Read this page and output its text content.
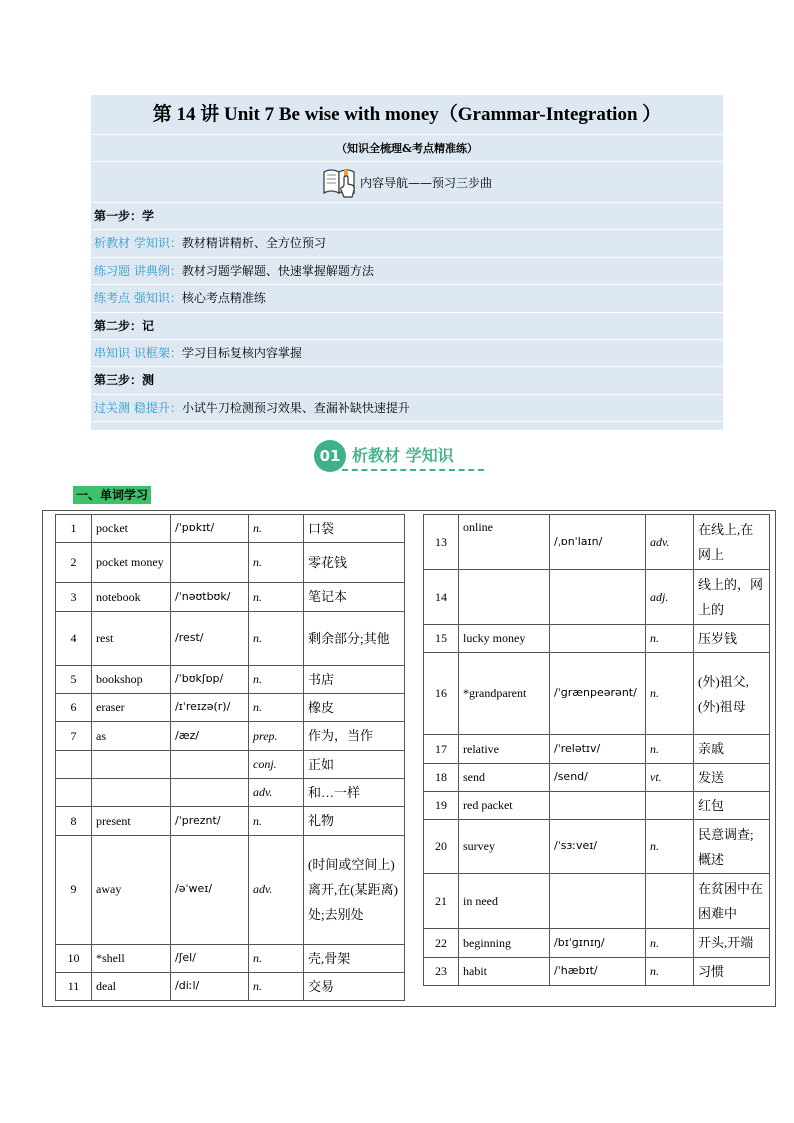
第 14 讲 Unit 7 Be wise with money（Grammar-Integration ）
（知识全梳理&考点精准练）
内容导航——预习三步曲
第一步：学
析教材 学知识：教材精讲精析、全方位预习
练习题 讲典例：教材习题学解题、快速掌握解题方法
练考点 强知识：核心考点精准练
第二步：记
串知识 识框架：学习目标复核内容掌握
第三步：测
过关测 稳提升：小试牛刀检测预习效果、查漏补缺快速提升
01 析教材 学知识
一、单词学习
1	pocket	/ˈpɒkɪt/	n.	口袋
2	pocket money		n.	零花钱
3	notebook	/ˈnəʊtbʊk/	n.	笔记本
4	rest	/rest/	n.	剩余部分;其他
5	bookshop	/ˈbʊkʃɒp/	n.	书店
6	eraser	/ɪˈreɪzə(r)/	n.	橡皮
7	as	/æz/	prep.	作为，当作
			conj.	正如
			adv.	和…一样
8	present	/ˈpreznt/	n.	礼物
9	away	/əˈweɪ/	adv.	(时间或空间上)离开,在(某距离)处;去别处
10	*shell	/ʃel/	n.	壳,骨架
11	deal	/diːl/	n.	交易
13	online	/ˌɒnˈlaɪn/	adv.	在线上,在网上
14			adj.	线上的，网上的
15	lucky money		n.	压岁钱
16	*grandparent	/ˈɡrænpeərənt/	n.	(外)祖父,(外)祖母
17	relative	/ˈrelətɪv/	n.	亲戚
18	send	/send/	vt.	发送
19	red packet			红包
20	survey	/ˈsɜːveɪ/	n.	民意调查;概述
21	in need			在贫困中在困难中
22	beginning	/bɪˈɡɪnɪŋ/	n.	开头,开端
23	habit	/ˈhæbɪt/	n.	习惯
